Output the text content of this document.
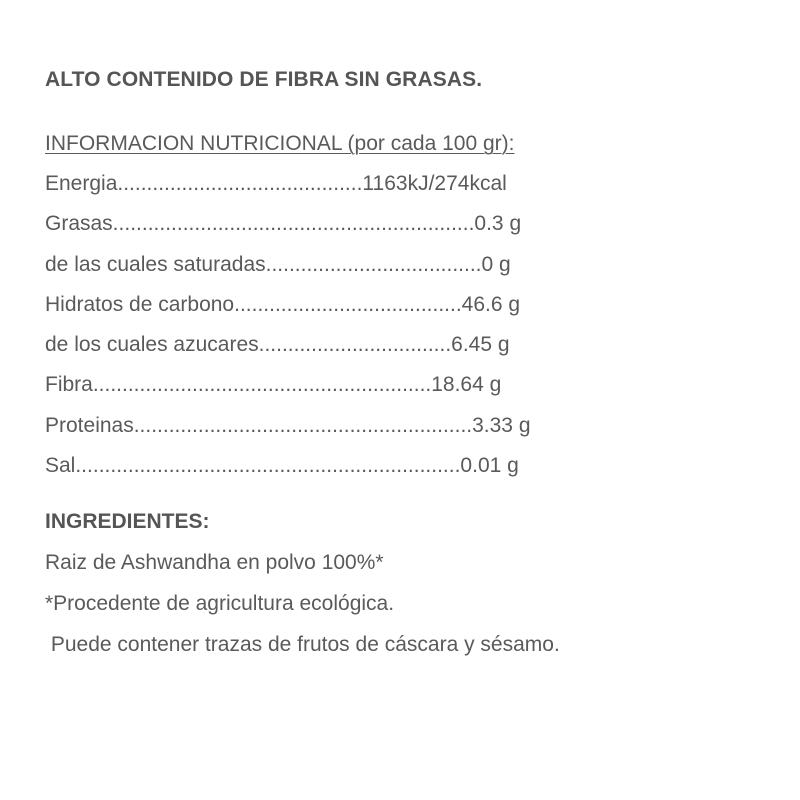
ALTO CONTENIDO DE FIBRA SIN GRASAS.
INFORMACION NUTRICIONAL (por cada 100 gr):
Energia..........................................1163kJ/274kcal
Grasas..............................................................0.3 g
de las cuales saturadas.....................................0 g
Hidratos de carbono.......................................46.6 g
de los cuales azucares.................................6.45 g
Fibra..........................................................18.64 g
Proteinas..........................................................3.33 g
Sal..................................................................0.01 g
INGREDIENTES:
Raiz de Ashwandha en polvo 100%*
*Procedente de agricultura ecológica.
Puede contener trazas de frutos de cáscara y sésamo.
